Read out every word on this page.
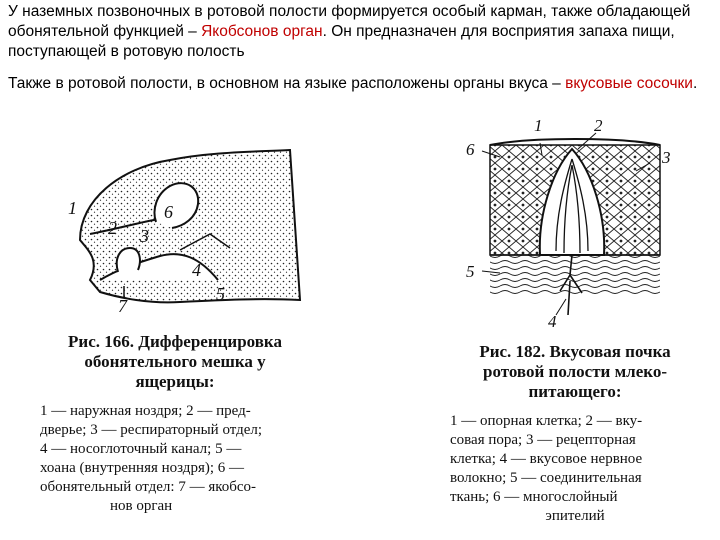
У наземных позвоночных в ротовой полости формируется особый карман, также обладающей обонятельной функцией – Якобсонов орган. Он предназначен для восприятия запаха пищи, поступающей в ротовую полость

Также в ротовой полости, в основном на языке расположены органы вкуса – вкусовые сосочки.

1
2 3
4
5
6
7
Рис. 166. Дифференцировка
обонятельного мешка у
ящерицы:
1 — наружная ноздря; 2 — пред-
дверье; 3 — респираторный отдел;
4 — носоглоточный канал; 5 —
хоана (внутренняя ноздря); 6 —
обонятельный отдел: 7 — якобсо-
нов орган
1	2
3
4
5
6
Рис. 182. Вкусовая почка
ротовой полости млеко-
питающего:
1 — опорная клетка; 2 — вку-
совая пора; 3 — рецепторная
клетка; 4 — вкусовое нервное
волокно; 5 — соединительная
ткань; 6 — многослойный
эпителий
